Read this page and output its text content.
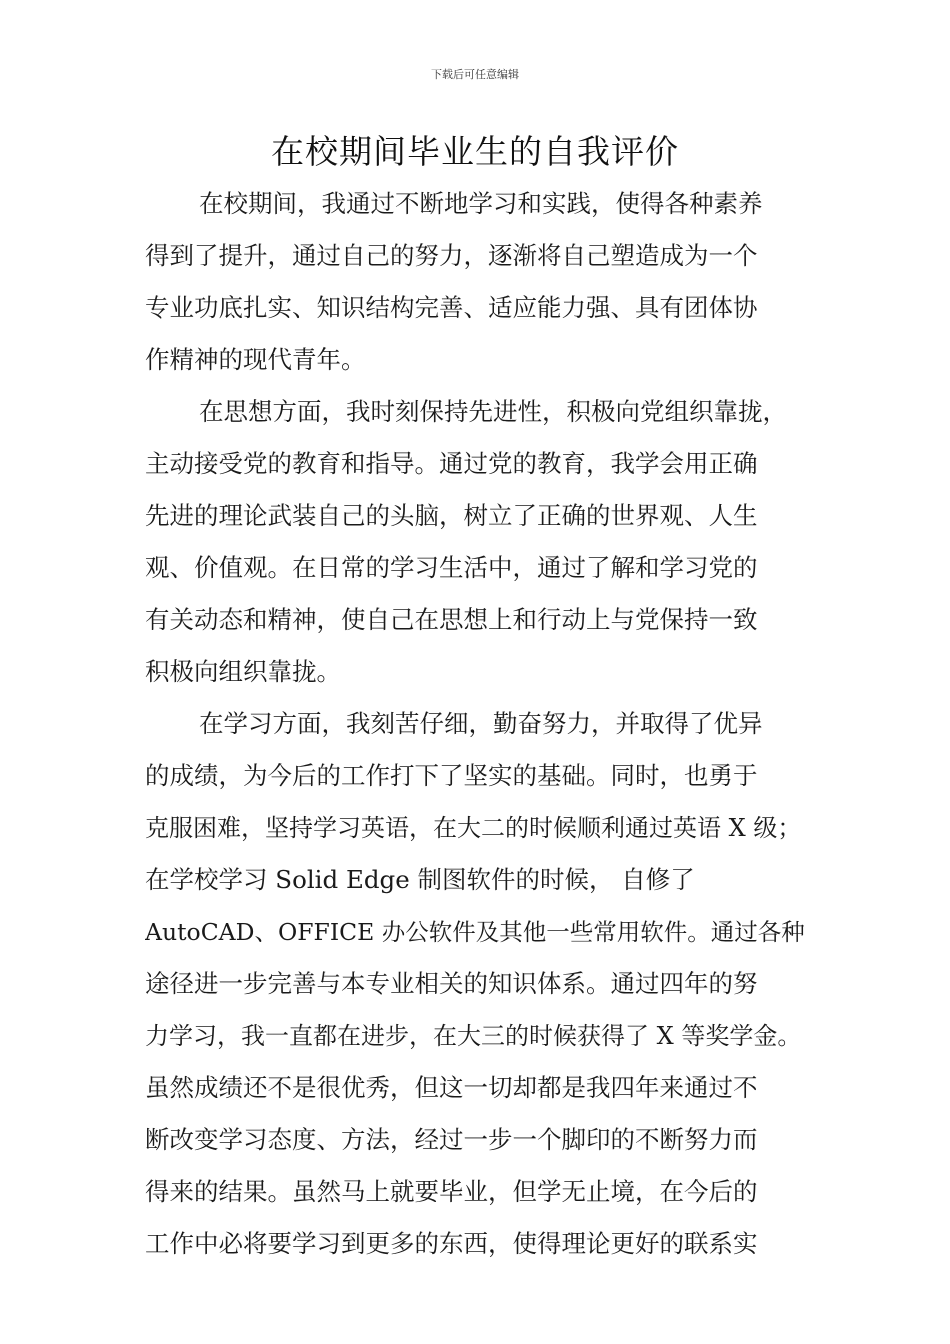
下载后可任意编辑
在校期间毕业生的自我评价
在校期间，我通过不断地学习和实践，使得各种素养
得到了提升，通过自己的努力，逐渐将自己塑造成为一个
专业功底扎实、知识结构完善、适应能力强、具有团体协
作精神的现代青年。
在思想方面，我时刻保持先进性，积极向党组织靠拢，
主动接受党的教育和指导。通过党的教育，我学会用正确
先进的理论武装自己的头脑，树立了正确的世界观、人生
观、价值观。在日常的学习生活中，通过了解和学习党的
有关动态和精神，使自己在思想上和行动上与党保持一致
积极向组织靠拢。
在学习方面，我刻苦仔细，勤奋努力，并取得了优异
的成绩，为今后的工作打下了坚实的基础。同时，也勇于
克服困难，坚持学习英语，在大二的时候顺利通过英语 X 级；
在学校学习 Solid Edge 制图软件的时候， 自修了
AutoCAD、OFFICE 办公软件及其他一些常用软件。通过各种
途径进一步完善与本专业相关的知识体系。通过四年的努
力学习，我一直都在进步，在大三的时候获得了 X 等奖学金。
虽然成绩还不是很优秀，但这一切却都是我四年来通过不
断改变学习态度、方法，经过一步一个脚印的不断努力而
得来的结果。虽然马上就要毕业，但学无止境，在今后的
工作中必将要学习到更多的东西，使得理论更好的联系实
